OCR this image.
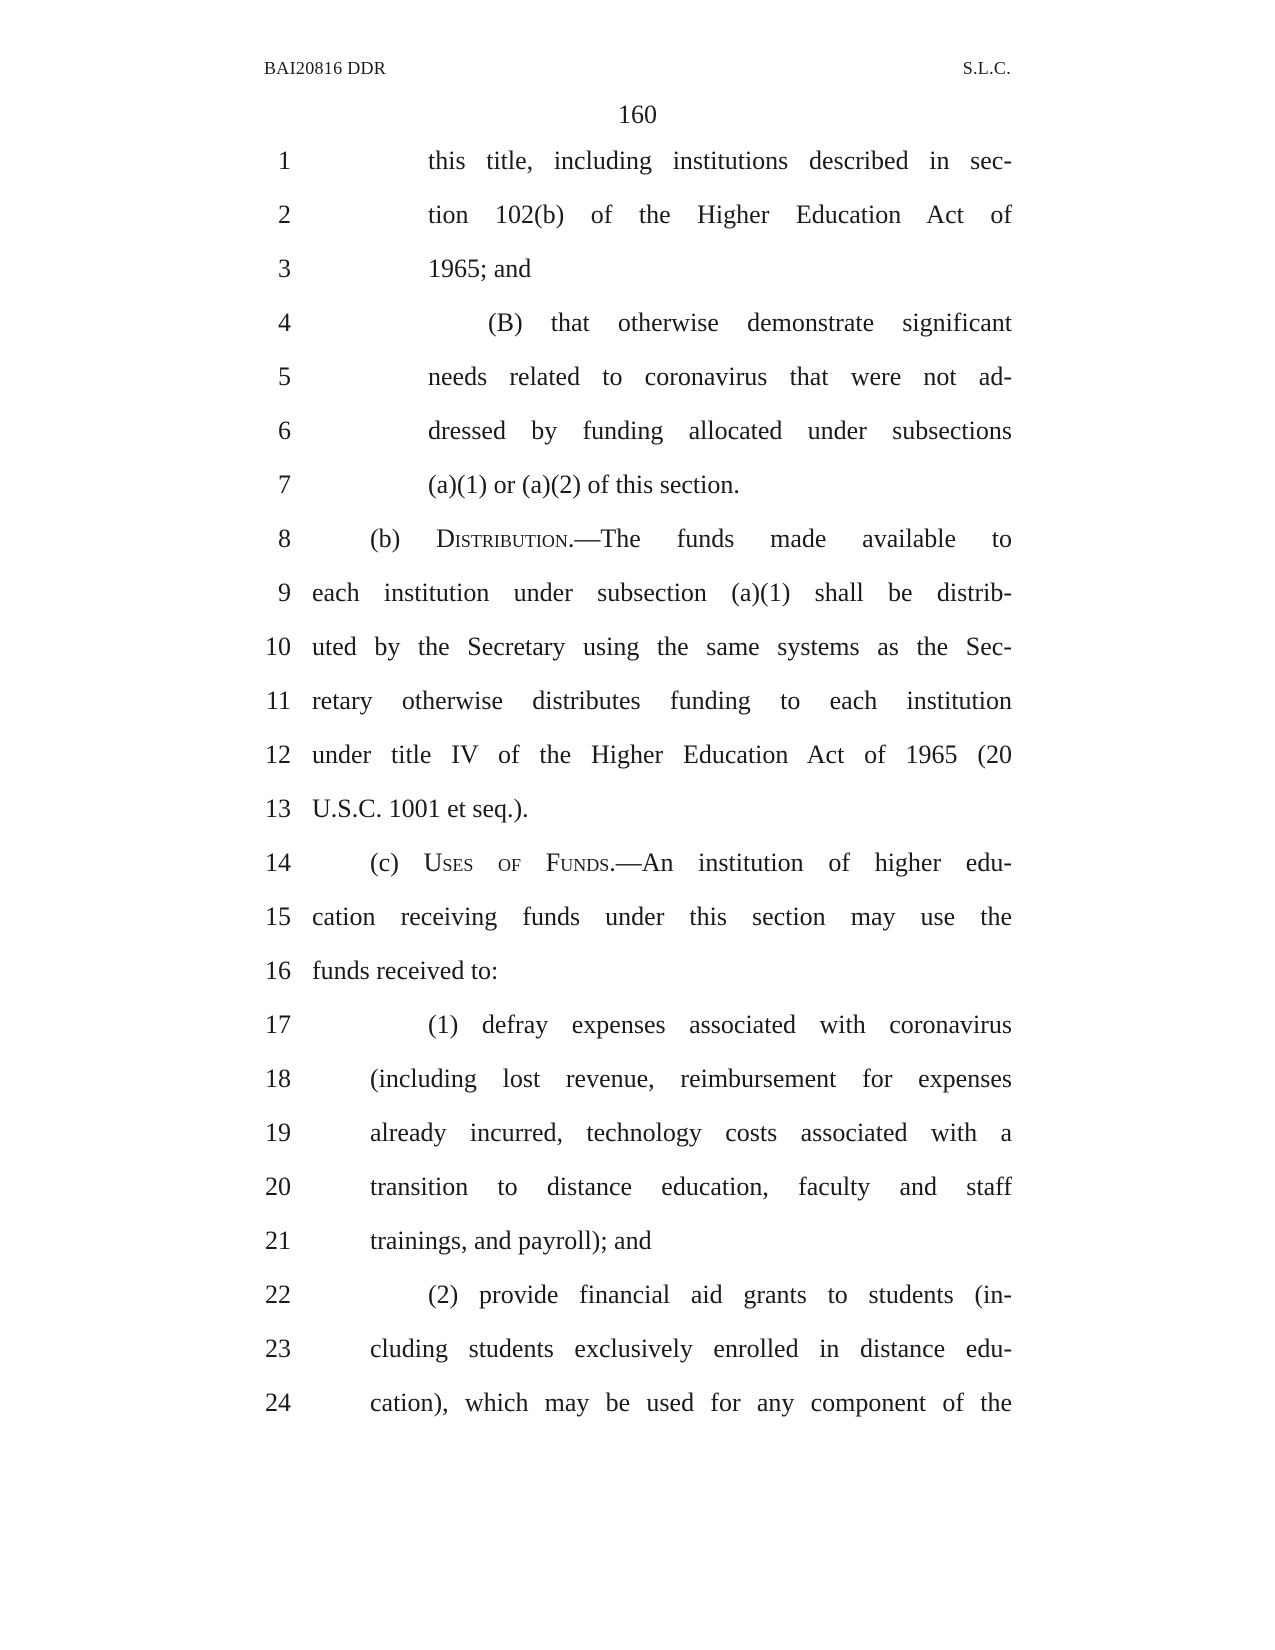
BAI20816 DDR	S.L.C.
160
1	this title, including institutions described in sec-
2	tion 102(b) of the Higher Education Act of
3	1965; and
4	(B) that otherwise demonstrate significant
5	needs related to coronavirus that were not ad-
6	dressed by funding allocated under subsections
7	(a)(1) or (a)(2) of this section.
8	(b) Distribution.—The funds made available to
9 each institution under subsection (a)(1) shall be distrib-
10 uted by the Secretary using the same systems as the Sec-
11 retary otherwise distributes funding to each institution
12 under title IV of the Higher Education Act of 1965 (20
13 U.S.C. 1001 et seq.).
14	(c) Uses of Funds.—An institution of higher edu-
15 cation receiving funds under this section may use the
16 funds received to:
17	(1) defray expenses associated with coronavirus
18	(including lost revenue, reimbursement for expenses
19	already incurred, technology costs associated with a
20	transition to distance education, faculty and staff
21	trainings, and payroll); and
22	(2) provide financial aid grants to students (in-
23	cluding students exclusively enrolled in distance edu-
24	cation), which may be used for any component of the
